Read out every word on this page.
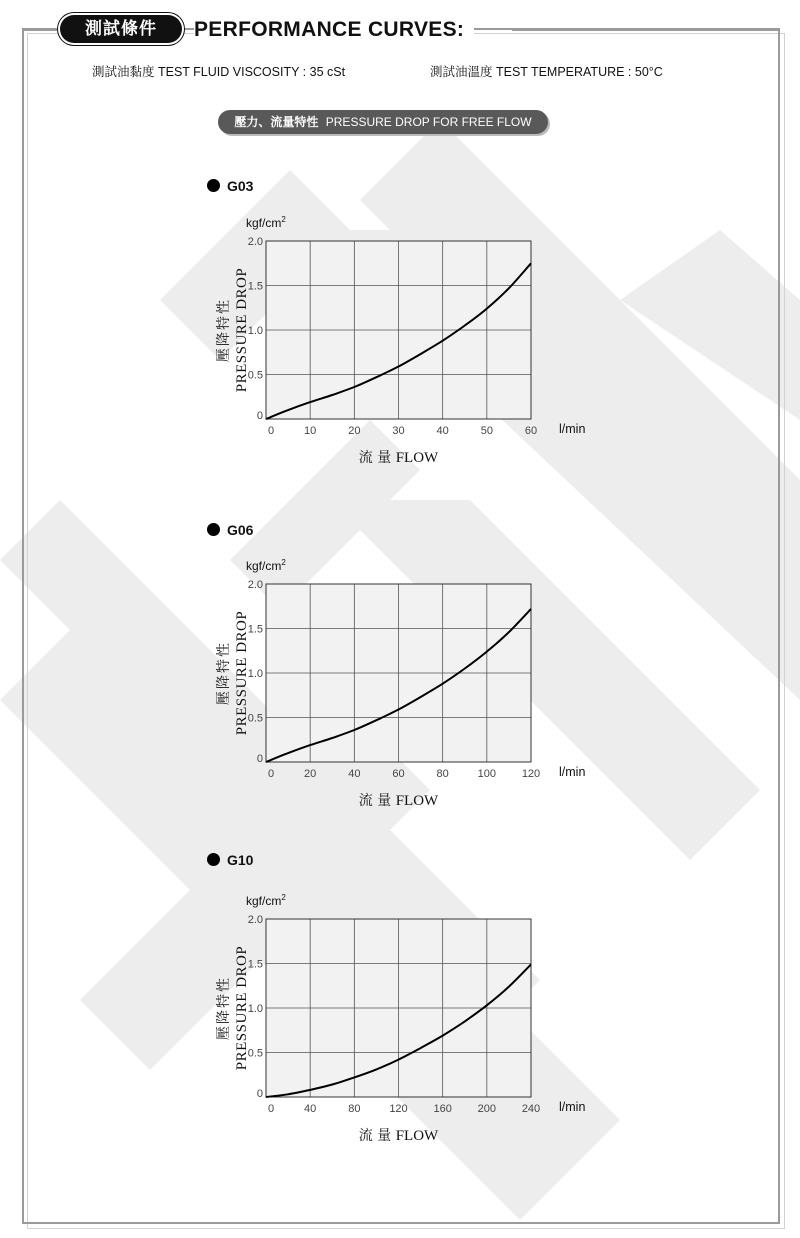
測試條件	PERFORMANCE CURVES:
測試油黏度 TEST FLUID VISCOSITY : 35 cSt	測試油溫度 TEST TEMPERATURE : 50°C
壓力、流量特性 PRESSURE DROP FOR FREE FLOW
G03
0
0.5
1.0
1.5
2.0
0	10	20	30	40	50	60 l/min
kgf/$cm^2$
壓降特性 PRESSURE DROP
流 量 FLOW
G06
0
0.5
1.0
1.5
2.0
0	20	40	60	80	100 120 l/min
kgf/$cm^2$
壓降特性 PRESSURE DROP
流 量 FLOW
G10
0
0.5
1.0
1.5
2.0
0	40	80	120 160 200 240 l/min
kgf/$cm^2$
壓降特性 PRESSURE DROP
流 量 FLOW
